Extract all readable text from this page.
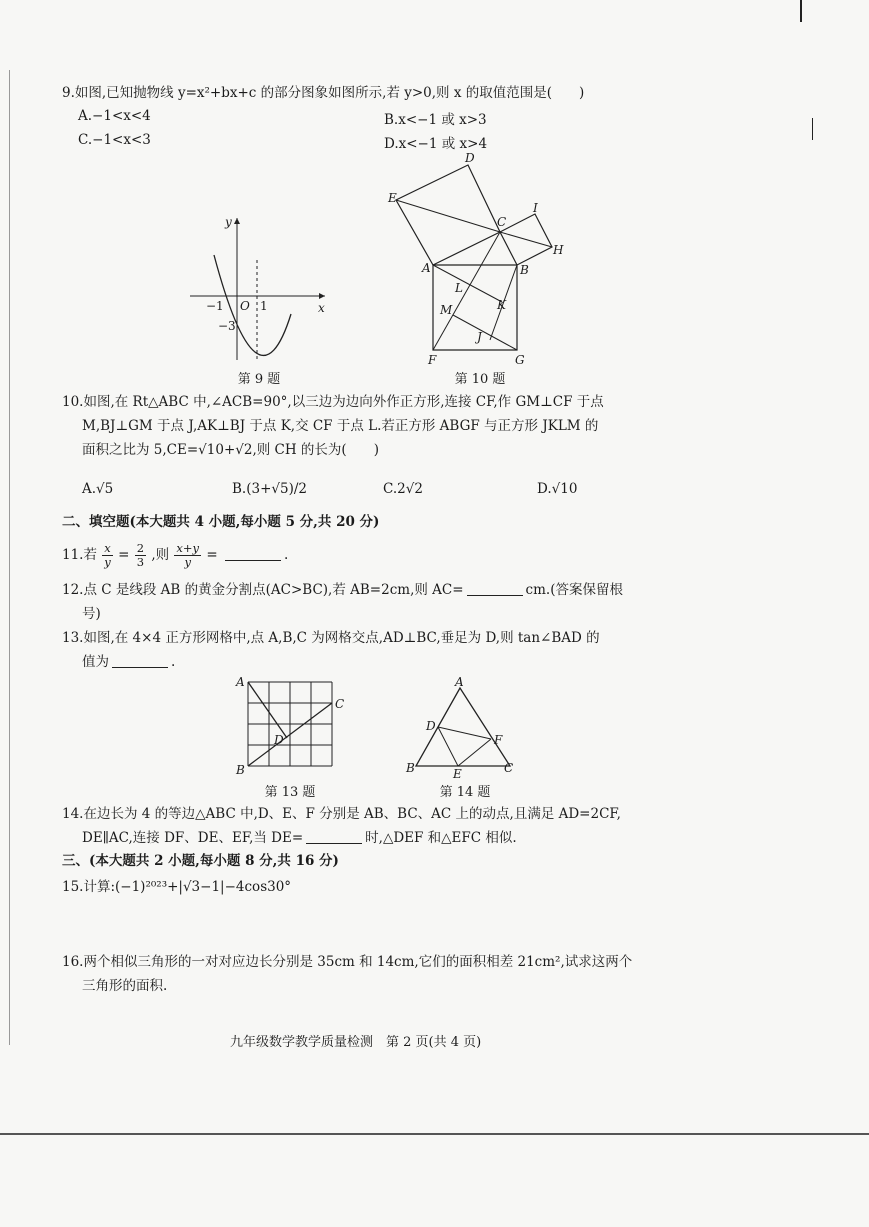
9.如图,已知抛物线 y=x²+bx+c 的部分图象如图所示,若 y>0,则 x 的取值范围是(　　)
A.−1<x<4	B.x<−1 或 x>3
C.−1<x<3	D.x<−1 或 x>4
y
x
O
−1	1
−3
第 9 题
D
E
C
I
H
A	B
L
K
M
J
F	G
第 10 题
10.如图,在 Rt△ABC 中,∠ACB=90°,以三边为边向外作正方形,连接 CF,作 GM⊥CF 于点
M,BJ⊥GM 于点 J,AK⊥BJ 于点 K,交 CF 于点 L.若正方形 ABGF 与正方形 JKLM 的
面积之比为 5,CE=√10+√2,则 CH 的长为(　　)
A.√5	B.(3+√5)/2	C.2√2	D.√10
二、填空题(本大题共 4 小题,每小题 5 分,共 20 分)
11.若 $\frac{x}{y} = \frac{2}{3}$ ,则 $\frac{x+y}{y}$ =	.
12.点 C 是线段 AB 的黄金分割点(AC>BC),若 AB=2cm,则 AC=	cm.(答案保留根
号)
13.如图,在 4×4 正方形网格中,点 A,B,C 为网格交点,AD⊥BC,垂足为 D,则 tan∠BAD 的
值为	.
A
B
C
D
第 13 题
A
D
F
B	E	C
第 14 题
14.在边长为 4 的等边△ABC 中,D、E、F 分别是 AB、BC、AC 上的动点,且满足 AD=2CF,
DE∥AC,连接 DF、DE、EF,当 DE=	时,△DEF 和△EFC 相似.
三、(本大题共 2 小题,每小题 8 分,共 16 分)
15.计算:(−1)²⁰²³+|√3−1|−4cos30°
16.两个相似三角形的一对对应边长分别是 35cm 和 14cm,它们的面积相差 21cm²,试求这两个
三角形的面积.
九年级数学教学质量检测　第 2 页(共 4 页)
